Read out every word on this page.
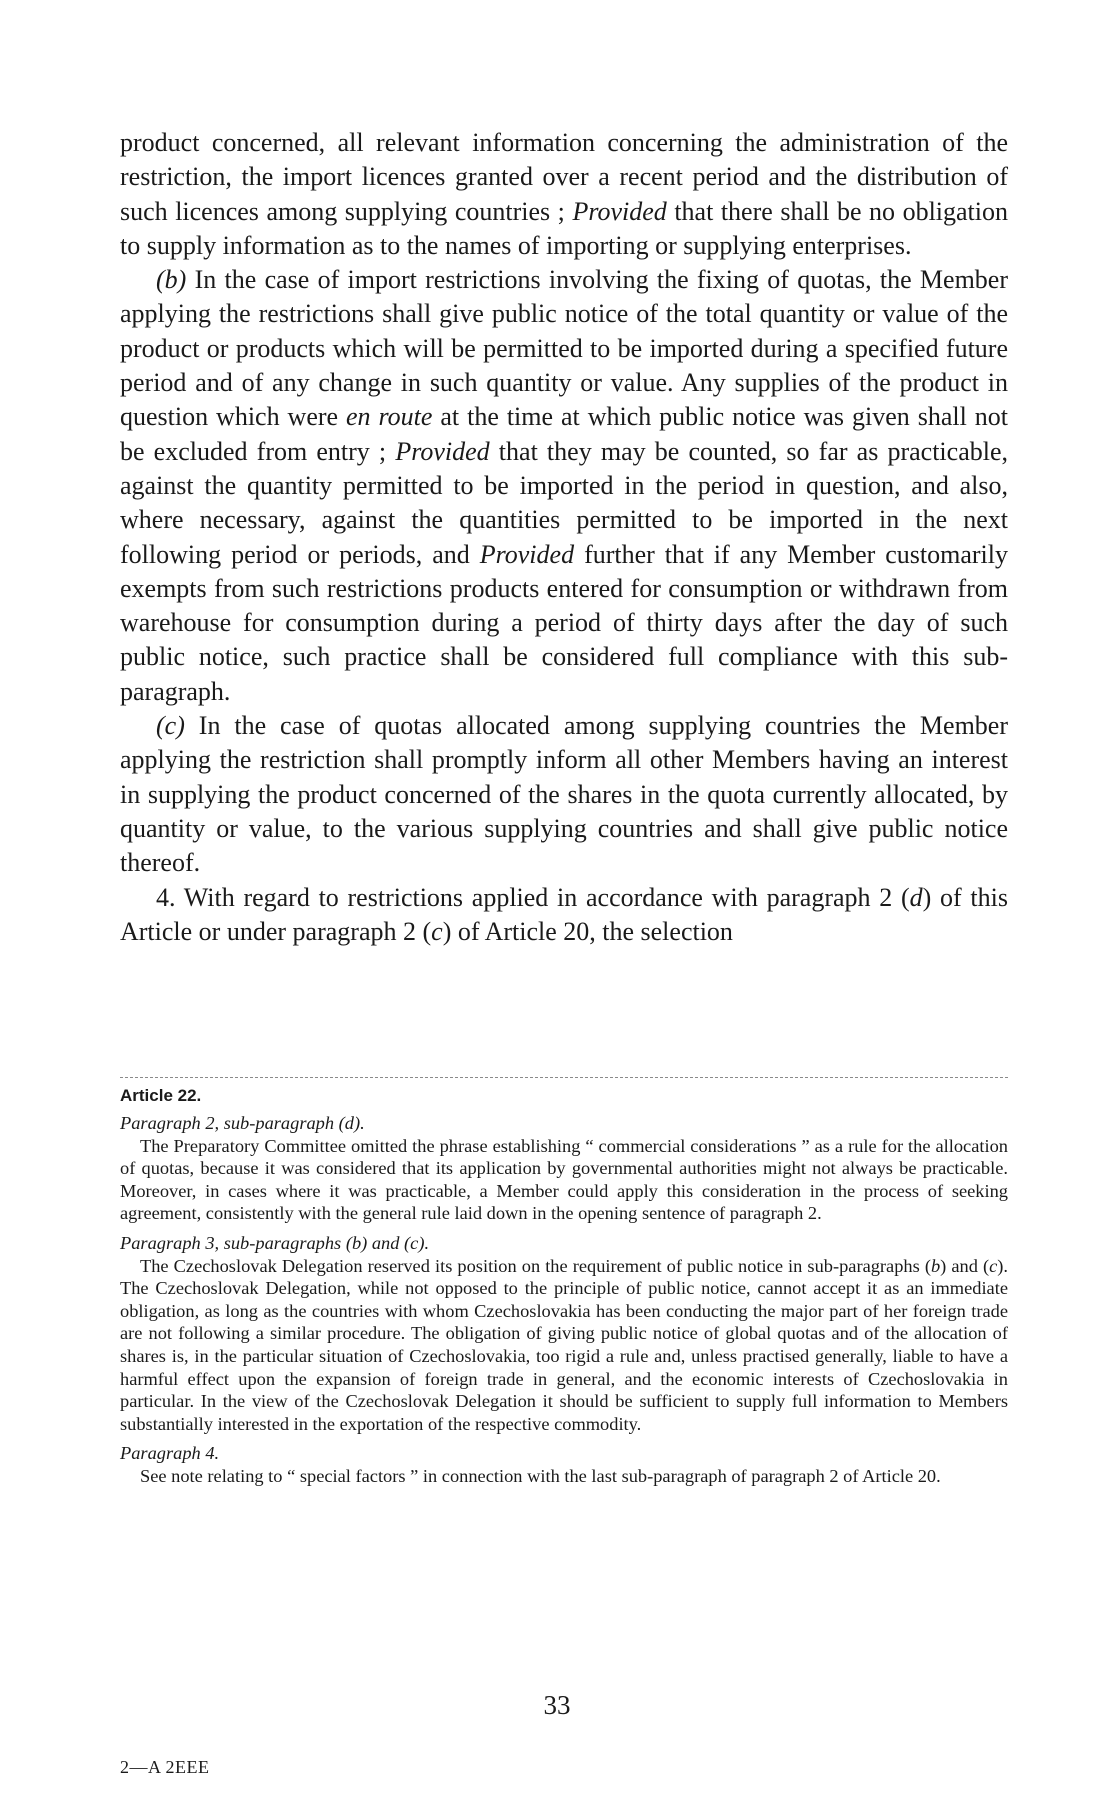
product concerned, all relevant information concerning the administration of the restriction, the import licences granted over a recent period and the distribution of such licences among supplying countries ; Provided that there shall be no obligation to supply information as to the names of importing or supplying enterprises.

(b) In the case of import restrictions involving the fixing of quotas, the Member applying the restrictions shall give public notice of the total quantity or value of the product or products which will be permitted to be imported during a specified future period and of any change in such quantity or value. Any supplies of the product in question which were en route at the time at which public notice was given shall not be excluded from entry ; Provided that they may be counted, so far as practicable, against the quantity permitted to be imported in the period in question, and also, where necessary, against the quantities permitted to be imported in the next following period or periods, and Provided further that if any Member customarily exempts from such restrictions products entered for consumption or withdrawn from warehouse for consumption during a period of thirty days after the day of such public notice, such practice shall be considered full compliance with this sub-paragraph.

(c) In the case of quotas allocated among supplying countries the Member applying the restriction shall promptly inform all other Members having an interest in supplying the product concerned of the shares in the quota currently allocated, by quantity or value, to the various supplying countries and shall give public notice thereof.

4. With regard to restrictions applied in accordance with paragraph 2 (d) of this Article or under paragraph 2 (c) of Article 20, the selection

Article 22.

Paragraph 2, sub-paragraph (d).

The Preparatory Committee omitted the phrase establishing “ commercial considerations ” as a rule for the allocation of quotas, because it was considered that its application by governmental authorities might not always be practicable. Moreover, in cases where it was practicable, a Member could apply this consideration in the process of seeking agreement, consistently with the general rule laid down in the opening sentence of paragraph 2.

Paragraph 3, sub-paragraphs (b) and (c).

The Czechoslovak Delegation reserved its position on the requirement of public notice in sub-paragraphs (b) and (c). The Czechoslovak Delegation, while not opposed to the principle of public notice, cannot accept it as an immediate obligation, as long as the countries with whom Czechoslovakia has been conducting the major part of her foreign trade are not following a similar procedure. The obligation of giving public notice of global quotas and of the allocation of shares is, in the particular situation of Czechoslovakia, too rigid a rule and, unless practised generally, liable to have a harmful effect upon the expansion of foreign trade in general, and the economic interests of Czechoslovakia in particular. In the view of the Czechoslovak Delegation it should be sufficient to supply full information to Members substantially interested in the exportation of the respective commodity.

Paragraph 4.

See note relating to “ special factors ” in connection with the last sub-paragraph of paragraph 2 of Article 20.

33
2—A 2EEE
